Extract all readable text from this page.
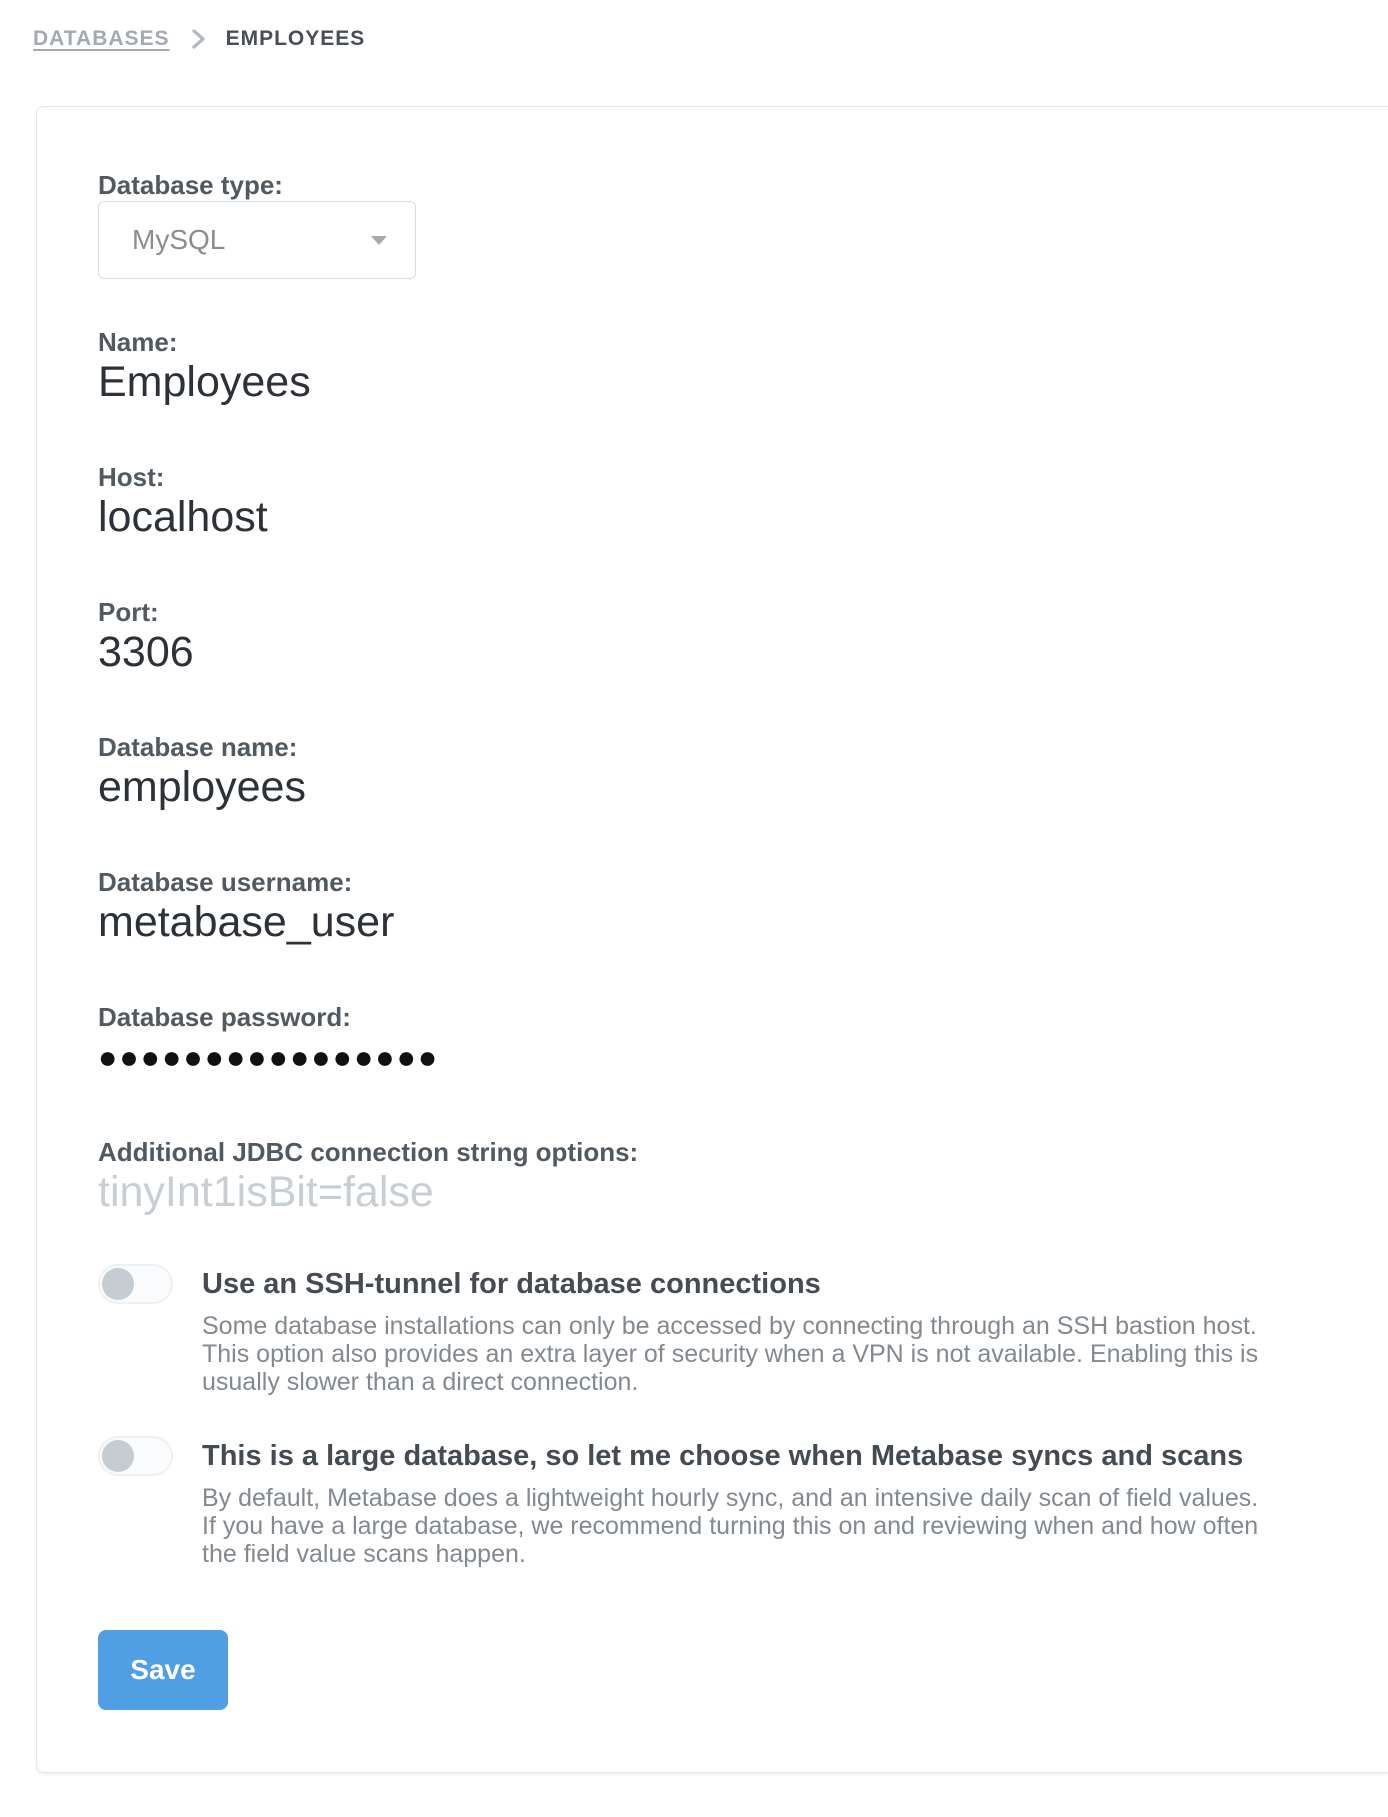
DATABASES	EMPLOYEES
Database type:
MySQL
Name:
Employees
Host:
localhost
Port:
3306
Database name:
employees
Database username:
metabase_user
Database password:
●●●●●●●●●●●●●●●●
Additional JDBC connection string options:
tinyInt1isBit=false
Use an SSH-tunnel for database connections
Some database installations can only be accessed by connecting through an SSH bastion host. This option also provides an extra layer of security when a VPN is not available. Enabling this is usually slower than a direct connection.
This is a large database, so let me choose when Metabase syncs and scans
By default, Metabase does a lightweight hourly sync, and an intensive daily scan of field values. If you have a large database, we recommend turning this on and reviewing when and how often the field value scans happen.
Save
